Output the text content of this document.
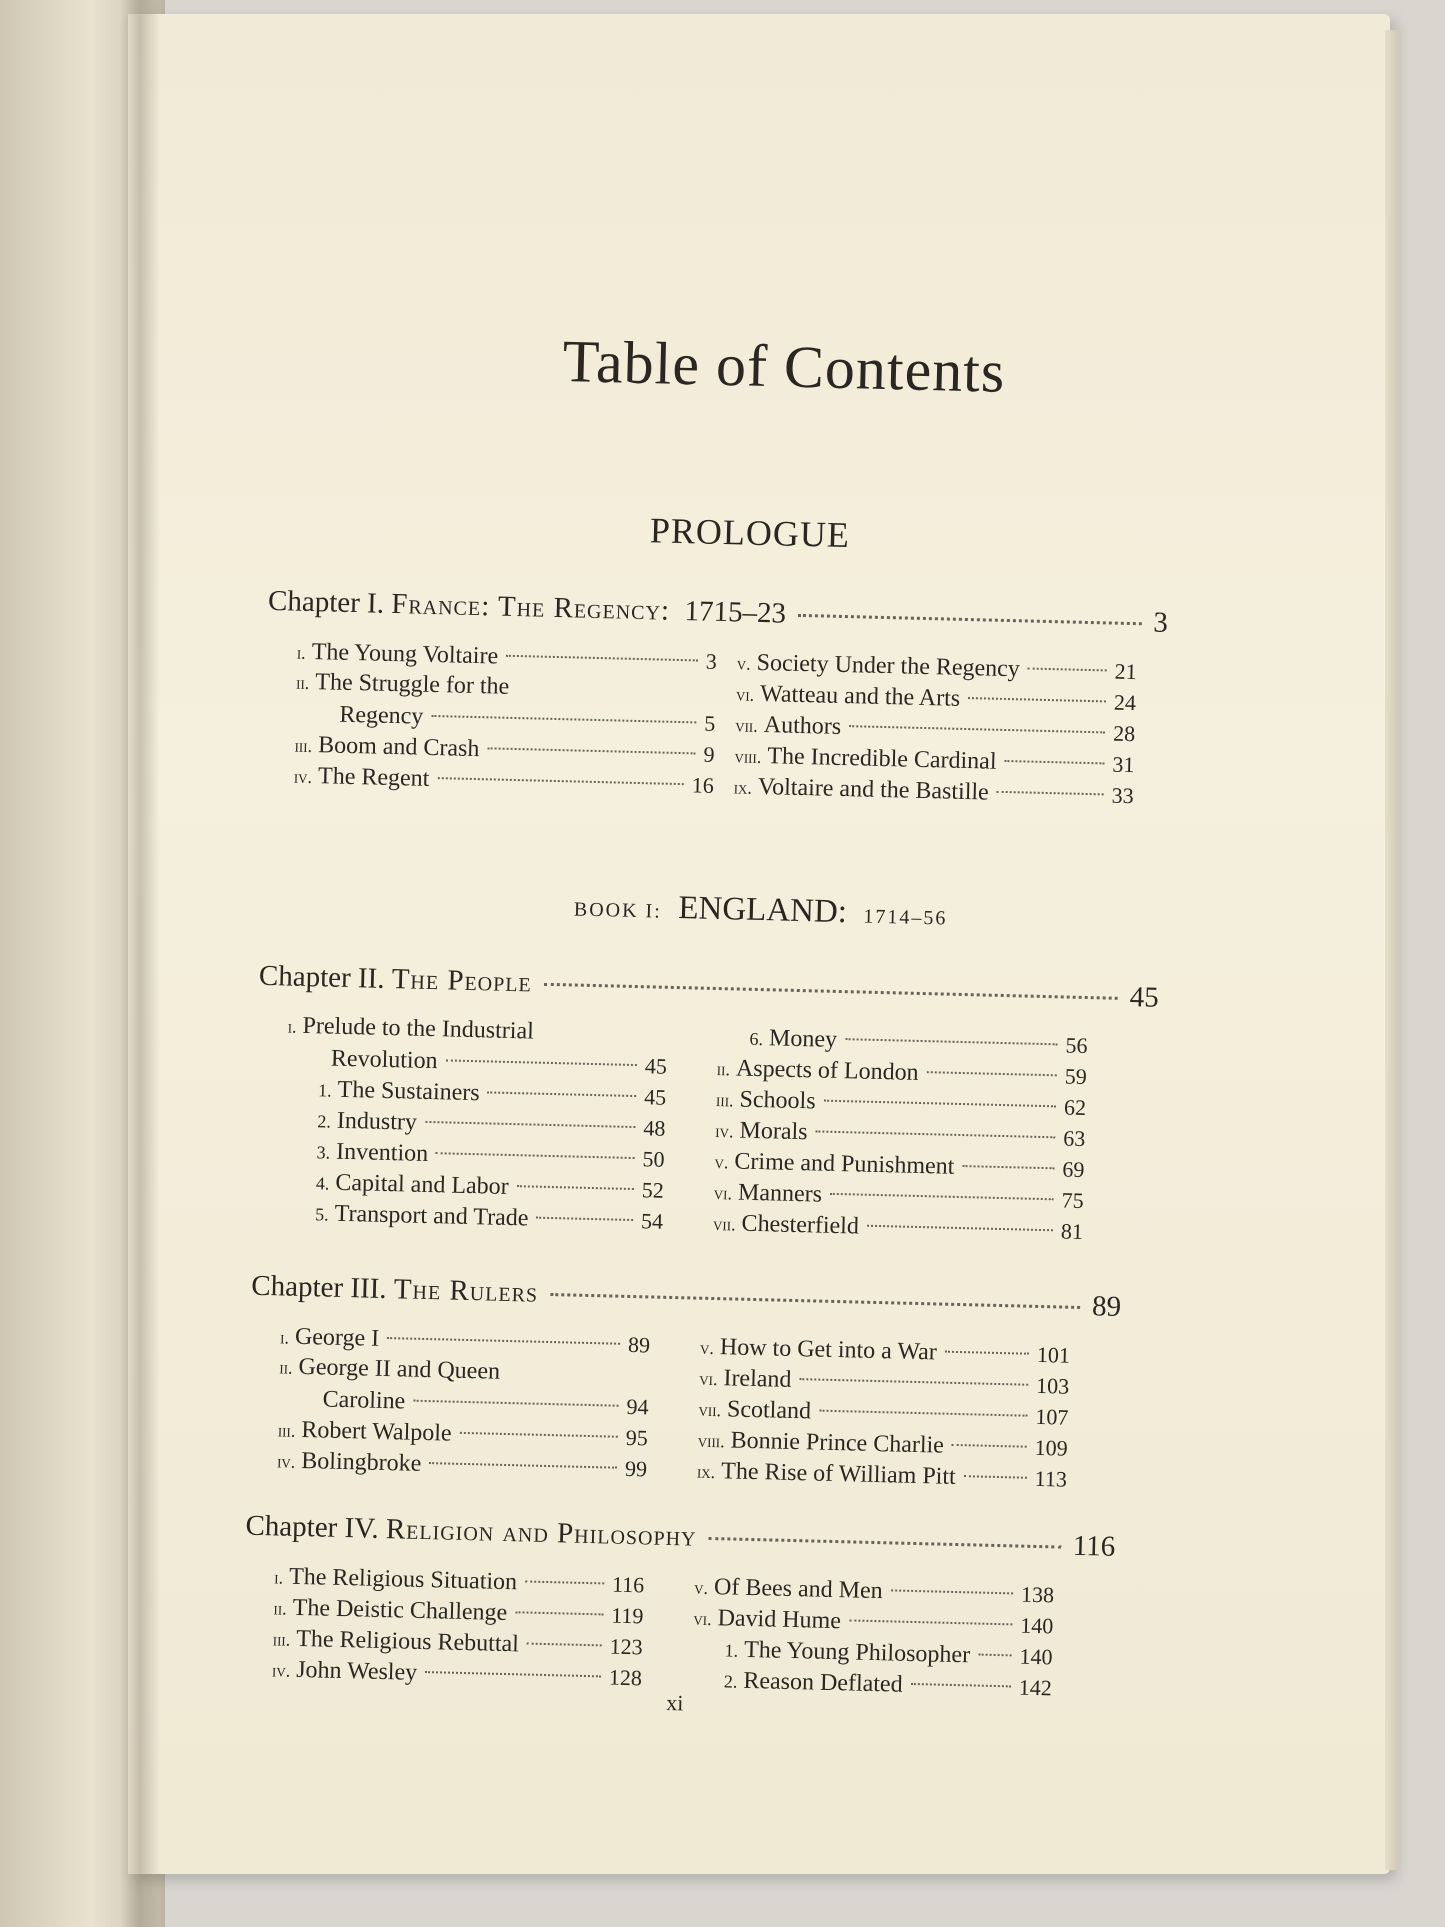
Table of Contents
PROLOGUE
Chapter I.
France: The Regency:
1715–23	3
i. The Young Voltaire	3
ii. The Struggle for the
Regency	5
iii. Boom and Crash	9
iv. The Regent	16
v. Society Under the Regency	21
vi. Watteau and the Arts	24
vii. Authors	28
viii. The Incredible Cardinal	31
ix. Voltaire and the Bastille	33
BOOK I: ENGLAND: 1714–56
Chapter II.
The People	45
i. Prelude to the Industrial
Revolution	45
1. The Sustainers	45
2. Industry	48
3. Invention	50
4. Capital and Labor	52
5. Transport and Trade	54
6. Money	56
ii. Aspects of London	59
iii. Schools	62
iv. Morals	63
v. Crime and Punishment	69
vi. Manners	75
vii. Chesterfield	81
Chapter III.
The Rulers	89
i. George I	89
ii. George II and Queen
Caroline	94
iii. Robert Walpole	95
iv. Bolingbroke	99
v. How to Get into a War	101
vi. Ireland	103
vii. Scotland	107
viii. Bonnie Prince Charlie	109
ix. The Rise of William Pitt	113
Chapter IV.
Religion and Philosophy	116
i. The Religious Situation	116
ii. The Deistic Challenge	119
iii. The Religious Rebuttal	123
iv. John Wesley	128
v. Of Bees and Men	138
vi. David Hume	140
1. The Young Philosopher 140
2. Reason Deflated	142
xi
